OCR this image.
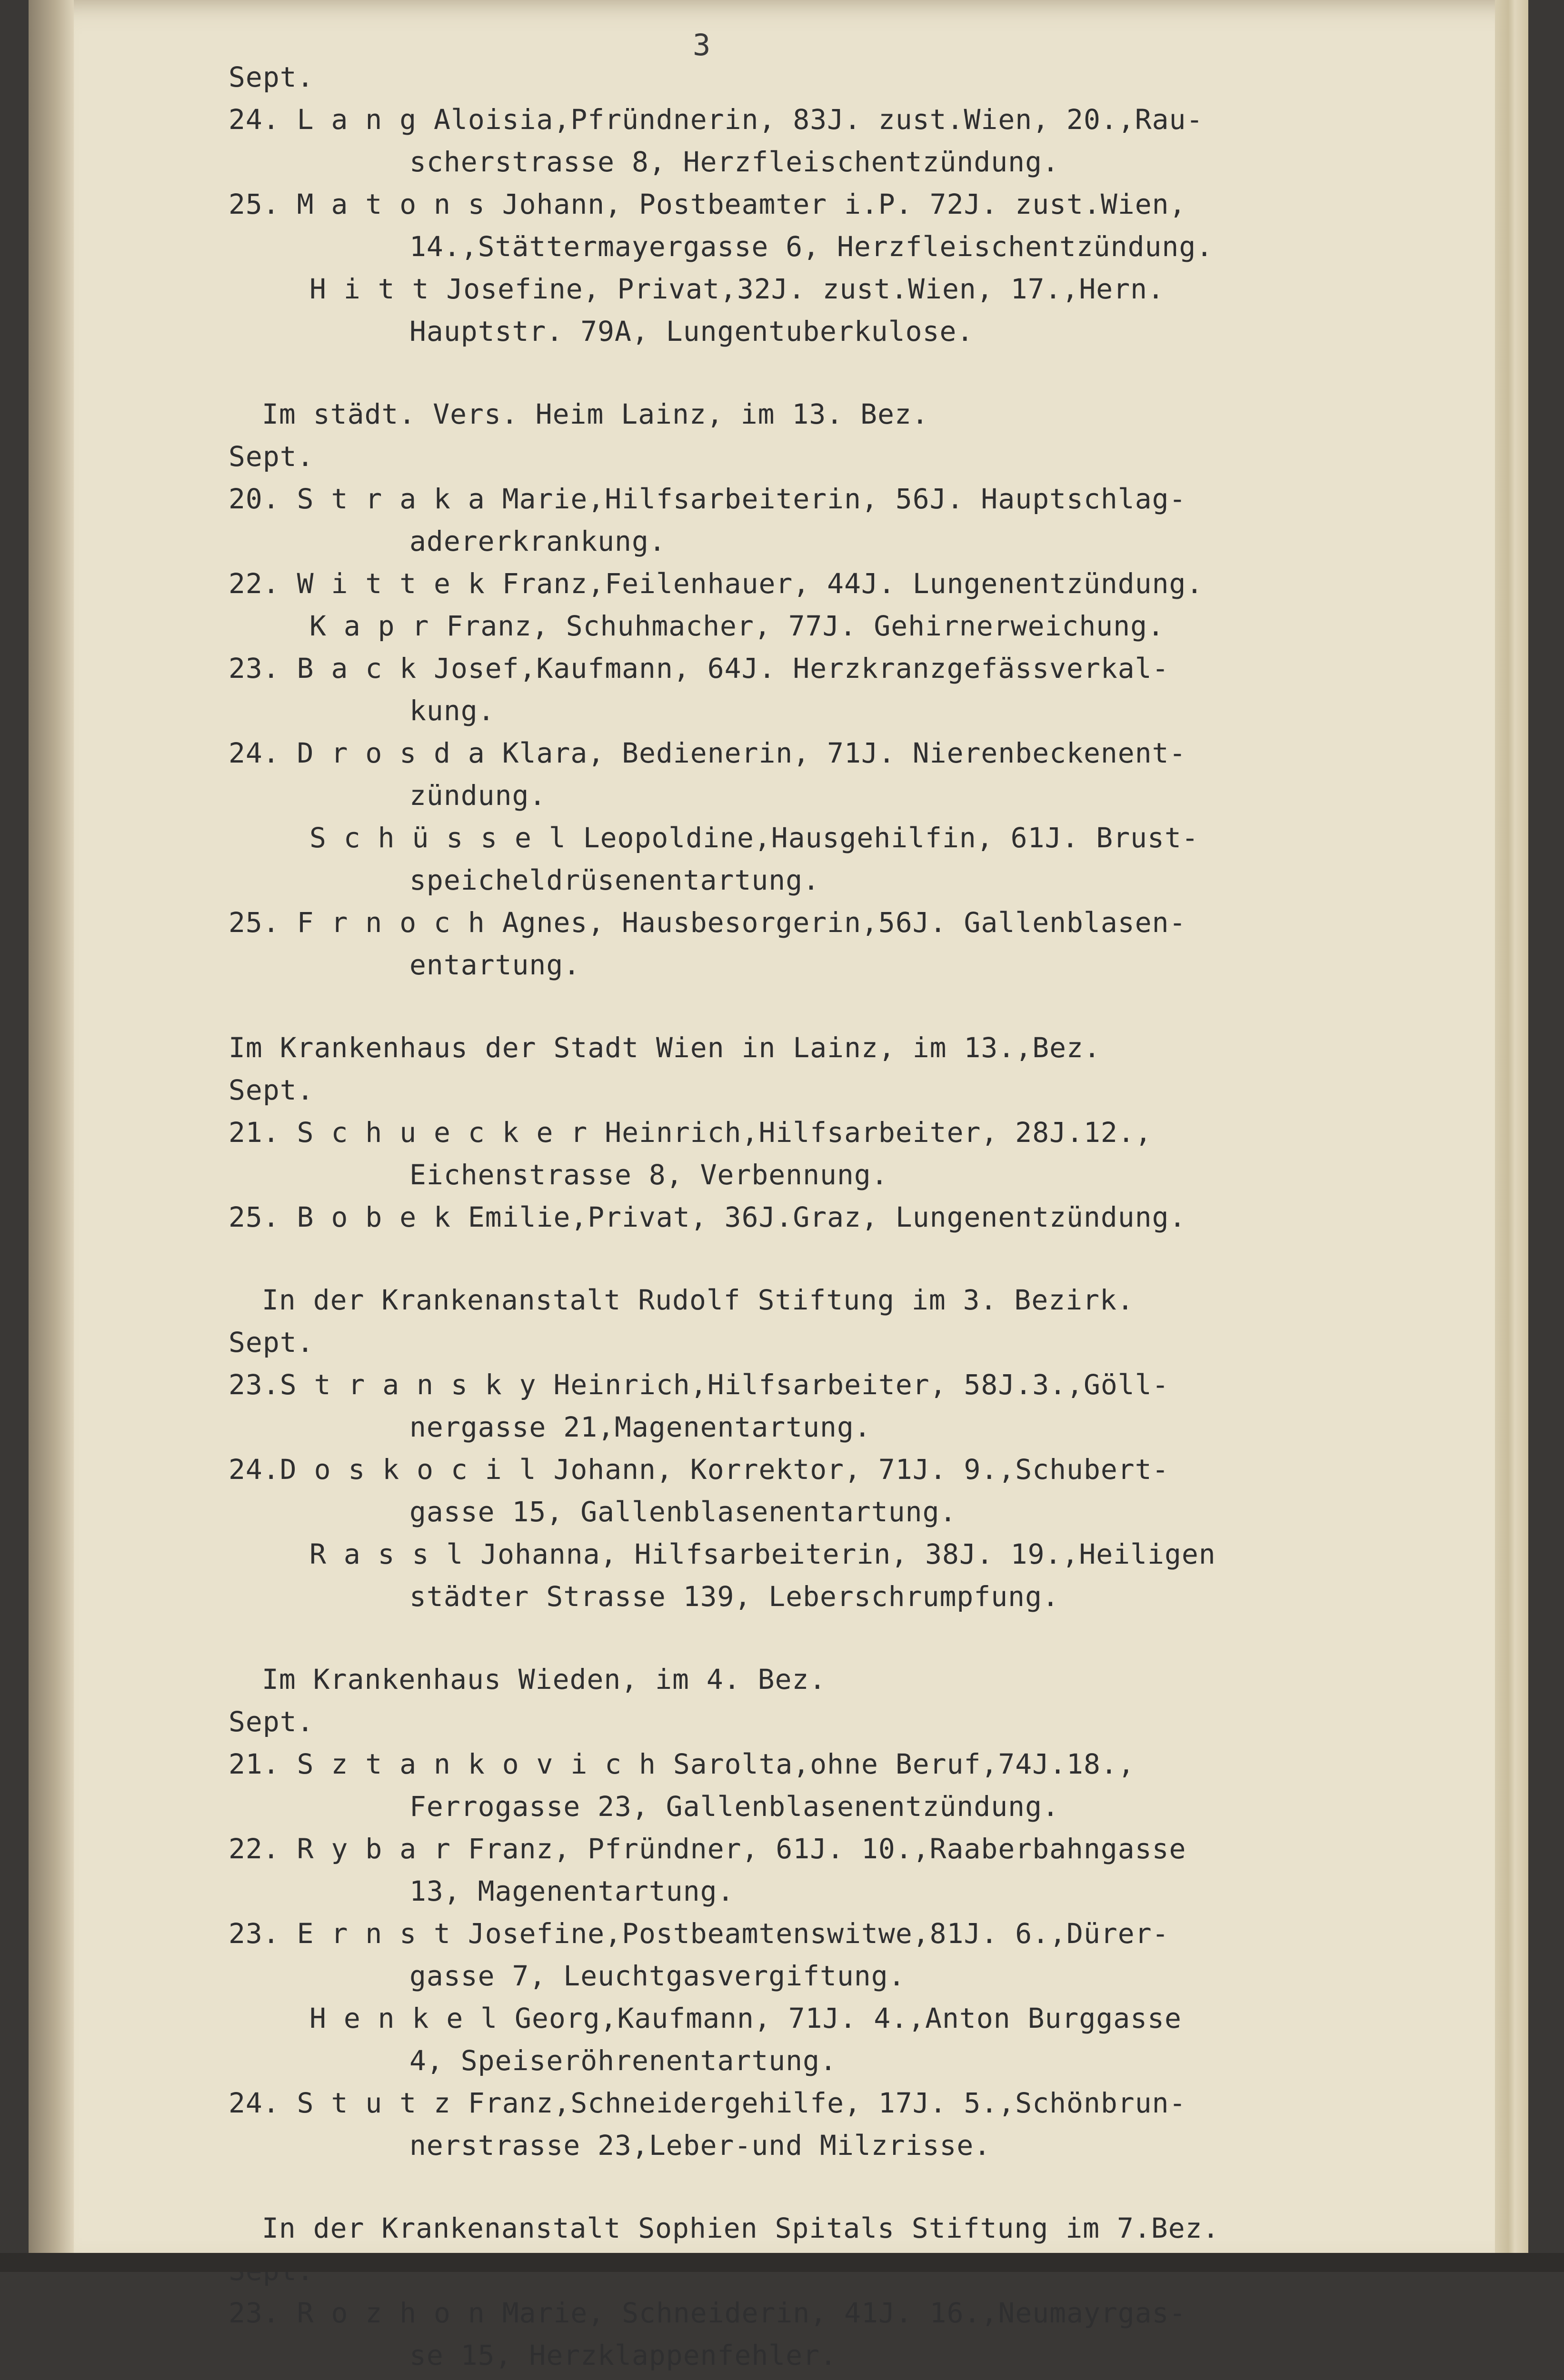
3
Sept.
24. L a n g Aloisia,Pfründnerin, 83J. zust.Wien, 20.,Rau-
scherstrasse 8, Herzfleischentzündung.
25. M a t o n s Johann, Postbeamter i.P. 72J. zust.Wien,
14.,Stättermayergasse 6, Herzfleischentzündung.
H i t t Josefine, Privat,32J. zust.Wien, 17.,Hern.
Hauptstr. 79A, Lungentuberkulose.
Im städt. Vers. Heim Lainz, im 13. Bez.
Sept.
20. S t r a k a Marie,Hilfsarbeiterin, 56J. Hauptschlag-
adererkrankung.
22. W i t t e k Franz,Feilenhauer, 44J. Lungenentzündung.
K a p r Franz, Schuhmacher, 77J. Gehirnerweichung.
23. B a c k Josef,Kaufmann, 64J. Herzkranzgefässverkal-
kung.
24. D r o s d a Klara, Bedienerin, 71J. Nierenbeckenent-
zündung.
S c h ü s s e l Leopoldine,Hausgehilfin, 61J. Brust-
speicheldrüsenentartung.
25. F r n o c h Agnes, Hausbesorgerin,56J. Gallenblasen-
entartung.
Im Krankenhaus der Stadt Wien in Lainz, im 13.,Bez.
Sept.
21. S c h u e c k e r Heinrich,Hilfsarbeiter, 28J.12.,
Eichenstrasse 8, Verbennung.
25. B o b e k Emilie,Privat, 36J.Graz, Lungenentzündung.
In der Krankenanstalt Rudolf Stiftung im 3. Bezirk.
Sept.
23.S t r a n s k y Heinrich,Hilfsarbeiter, 58J.3.,Göll-
nergasse 21,Magenentartung.
24.D o s k o c i l Johann, Korrektor, 71J. 9.,Schubert-
gasse 15, Gallenblasenentartung.
R a s s l Johanna, Hilfsarbeiterin, 38J. 19.,Heiligen
städter Strasse 139, Leberschrumpfung.
Im Krankenhaus Wieden, im 4. Bez.
Sept.
21. S z t a n k o v i c h Sarolta,ohne Beruf,74J.18.,
Ferrogasse 23, Gallenblasenentzündung.
22. R y b a r Franz, Pfründner, 61J. 10.,Raaberbahngasse
13, Magenentartung.
23. E r n s t Josefine,Postbeamtenswitwe,81J. 6.,Dürer-
gasse 7, Leuchtgasvergiftung.
H e n k e l Georg,Kaufmann, 71J. 4.,Anton Burggasse
4, Speiseröhrenentartung.
24. S t u t z Franz,Schneidergehilfe, 17J. 5.,Schönbrun-
nerstrasse 23,Leber-und Milzrisse.
In der Krankenanstalt Sophien Spitals Stiftung im 7.Bez.
23. R o z h o n Marie, Schneiderin, 41J. 16.,Neumayrgas-
se 15, Herzklappenfehler.
